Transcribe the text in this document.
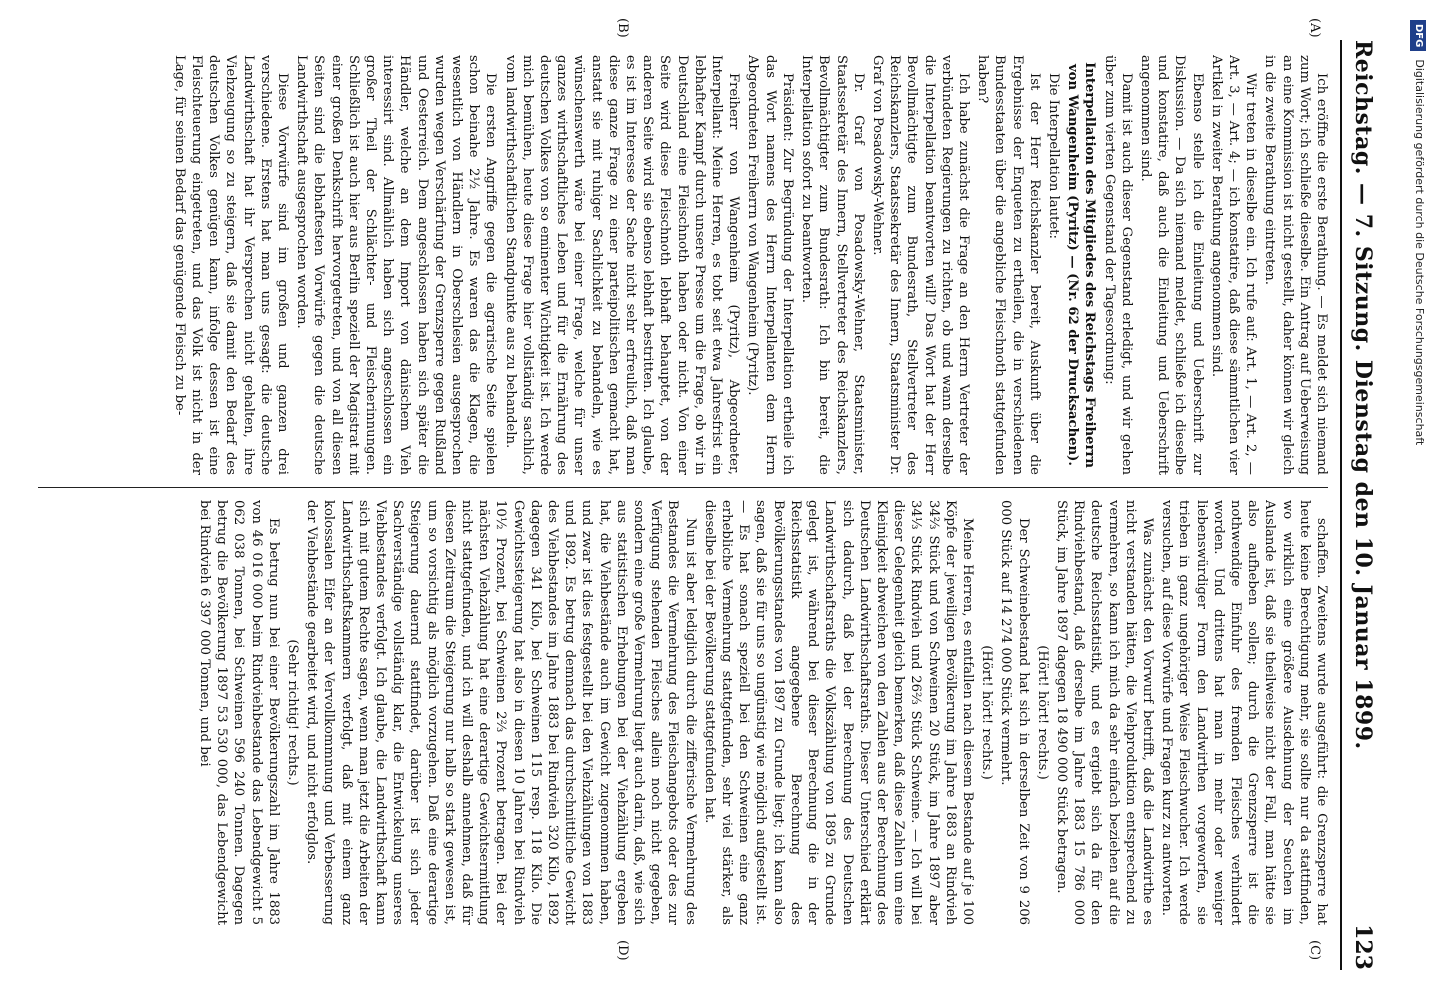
Reichstag. — 7. Sitzung. Dienstag den 10. Januar 1899.
123
(A)
(B)
(C)
(D)

Ich eröffne die erste Berathung. — Es meldet sich niemand zum Wort; ich schließe dieselbe. Ein Antrag auf Ueberweisung an eine Kommission ist nicht gestellt, daher können wir gleich in die zweite Berathung eintreten.

Wir treten in dieselbe ein. Ich rufe auf: Art. 1, — Art. 2, — Art. 3, — Art. 4; — ich konstatire, daß diese sämmtlichen vier Artikel in zweiter Berathung angenommen sind.

Ebenso stelle ich die Einleitung und Ueberschrift zur Diskussion. — Da sich niemand meldet, schließe ich dieselbe und konstatire, daß auch die Einleitung und Ueberschrift angenommen sind.

Damit ist auch dieser Gegenstand erledigt, und wir gehen über zum vierten Gegenstand der Tagesordnung:

Interpellation des Mitgliedes des Reichstags Freiherrn von Wangenheim (Pyritz) — (Nr. 62 der Drucksachen).

Die Interpellation lautet:

Ist der Herr Reichskanzler bereit, Auskunft über die Ergebnisse der Enqueten zu ertheilen, die in verschiedenen Bundesstaaten über die angebliche Fleischnoth stattgefunden haben?

Ich habe zunächst die Frage an den Herrn Vertreter der verbündeten Regierungen zu richten, ob und wann derselbe die Interpellation beantworten will? Das Wort hat der Herr Bevollmächtigte zum Bundesrath, Stellvertreter des Reichskanzlers, Staatssekretär des Innern, Staatsminister Dr. Graf von Posadowsky-Wehner.

Dr. Graf von Posadowsky-Wehner, Staatsminister, Staatssekretär des Innern, Stellvertreter des Reichskanzlers, Bevollmächtigter zum Bundesrath: Ich bin bereit, die Interpellation sofort zu beantworten.

Präsident: Zur Begründung der Interpellation ertheile ich das Wort namens des Herrn Interpellanten dem Herrn Abgeordneten Freiherrn von Wangenheim (Pyritz).

Freiherr von Wangenheim (Pyritz), Abgeordneter, Interpellant: Meine Herren, es tobt seit etwa Jahresfrist ein lebhafter Kampf durch unsere Presse um die Frage, ob wir in Deutschland eine Fleischnoth haben oder nicht. Von einer Seite wird diese Fleischnoth lebhaft behauptet, von der anderen Seite wird sie ebenso lebhaft bestritten. Ich glaube, es ist im Interesse der Sache nicht sehr erfreulich, daß man diese ganze Frage zu einer parteipolitischen gemacht hat, anstatt sie mit ruhiger Sachlichkeit zu behandeln, wie es wünschenswerth wäre bei einer Frage, welche für unser ganzes wirthschaftliches Leben und für die Ernährung des deutschen Volkes von so eminenter Wichtigkeit ist. Ich werde mich bemühen, heute diese Frage hier vollständig sachlich, vom landwirthschaftlichen Standpunkte aus zu behandeln.

Die ersten Angriffe gegen die agrarische Seite spielen schon beinahe 2½ Jahre. Es waren das die Klagen, die wesentlich von Händlern in Oberschlesien ausgesprochen wurden wegen Verschärfung der Grenzsperre gegen Rußland und Oesterreich. Dem angeschlossen haben sich später die Händler, welche an dem Import von dänischem Vieh interessirt sind. Allmählich haben sich angeschlossen ein großer Theil der Schlächter- und Fleischerinnungen. Schließlich ist auch hier aus Berlin speziell der Magistrat mit einer großen Denkschrift hervorgetreten, und von all diesen Seiten sind die lebhaftesten Vorwürfe gegen die deutsche Landwirthschaft ausgesprochen worden.

Diese Vorwürfe sind im großen und ganzen drei verschiedene. Erstens hat man uns gesagt: die deutsche Landwirthschaft hat ihr Versprechen nicht gehalten, ihre Viehzeugung so zu steigern, daß sie damit den Bedarf des deutschen Volkes genügen kann, infolge dessen ist eine Fleischteuerung eingetreten, und das Volk ist nicht in der Lage, für seinen Bedarf das genügende Fleisch zu be-

schaffen. Zweitens wurde ausgeführt: die Grenzsperre hat heute keine Berechtigung mehr, sie sollte nur da stattfinden, wo wirklich eine größere Ausdehnung der Seuchen im Auslande ist, daß sie theilweise nicht der Fall, man hätte sie also aufheben sollen; durch die Grenzsperre ist die nothwendige Einfuhr des fremden Fleisches verhindert worden. Und drittens hat man in mehr oder weniger liebenswürdiger Form den Landwirthen vorgeworfen, sie trieben in ganz ungehöriger Weise Fleischwucher. Ich werde versuchen, auf diese Vorwürfe und Fragen kurz zu antworten.

Was zunächst den Vorwurf betrifft, daß die Landwirthe es nicht verstanden hätten, die Viehproduktion entsprechend zu vermehren, so kann ich mich da sehr einfach beziehen auf die deutsche Reichsstatistik, und es ergiebt sich da für den Rindviehbestand, daß derselbe im Jahre 1883 15 786 000 Stück, im Jahre 1897 dagegen 18 490 000 Stück betragen.

(Hört! hört! rechts.)

Der Schweinebestand hat sich in derselben Zeit von 9 206 000 Stück auf 14 274 000 Stück vermehrt.

(Hört! hört! rechts.)

Meine Herren, es entfallen nach diesem Bestande auf je 100 Köpfe der jeweiligen Bevölkerung im Jahre 1883 an Rindvieh 34⅔ Stück und von Schweinen 20 Stück, im Jahre 1897 aber 34⅓ Stück Rindvieh und 26⅔ Stück Schweine. — Ich will bei dieser Gelegenheit gleich bemerken, daß diese Zahlen um eine Kleinigkeit abweichen von den Zahlen aus der Berechnung des Deutschen Landwirthschaftsraths. Dieser Unterschied erklärt sich dadurch, daß bei der Berechnung des Deutschen Landwirthschaftsraths die Volkszählung von 1895 zu Grunde gelegt ist, während bei dieser Berechnung die in der Reichsstatistik angegebene Berechnung des Bevölkerungsstandes von 1897 zu Grunde liegt; ich kann also sagen, daß sie für uns so ungünstig wie möglich aufgestellt ist. — Es hat sonach speziell bei den Schweinen eine ganz erhebliche Vermehrung stattgefunden, sehr viel stärker, als dieselbe bei der Bevölkerung stattgefunden hat.

Nun ist aber lediglich durch die zifferische Vermehrung des Bestandes die Vermehrung des Fleischangebots oder des zur Verfügung stehenden Fleisches allein noch nicht gegeben, sondern eine große Vermehrung liegt auch darin, daß, wie sich aus statistischen Erhebungen bei der Viehzählung ergeben hat, die Viehbestände auch im Gewicht zugenommen haben, und zwar ist dies festgestellt bei den Viehzählungen von 1883 und 1892. Es betrug demnach das durchschnittliche Gewicht des Viehbestandes im Jahre 1883 bei Rindvieh 320 Kilo, 1892 dagegen 341 Kilo, bei Schweinen 115 resp. 118 Kilo. Die Gewichtssteigerung hat also in diesen 10 Jahren bei Rindvieh 10½ Prozent, bei Schweinen 2⅔ Prozent betragen. Bei der nächsten Viehzählung hat eine derartige Gewichtsermittlung nicht stattgefunden, und ich will deshalb annehmen, daß für diesen Zeitraum die Steigerung nur halb so stark gewesen ist, um so vorsichtig als möglich vorzugehen. Daß eine derartige Steigerung dauernd stattfindet, darüber ist sich jeder Sachverständige vollständig klar, die Entwickelung unseres Viehbestandes verfolgt. Ich glaube, die Landwirthschaft kann sich mit gutem Rechte sagen, wenn man jetzt die Arbeiten der Landwirthschaftskammern verfolgt, daß mit einem ganz kolossalen Eifer an der Vervollkommnung und Verbesserung der Viehbestände gearbeitet wird, und nicht erfolglos.

(Sehr richtig! rechts.)

Es betrug nun bei einer Bevölkerungszahl im Jahre 1883 von 46 016 000 beim Rindviehbestande das Lebendgewicht 5 062 038 Tonnen, bei Schweinen 596 240 Tonnen. Dagegen betrug die Bevölkerung 1897 53 530 000, das Lebendgewicht bei Rindvieh 6 397 000 Tonnen, und bei

DFGDigitalisierung gefördert durch die Deutsche Forschungsgemeinschaft
